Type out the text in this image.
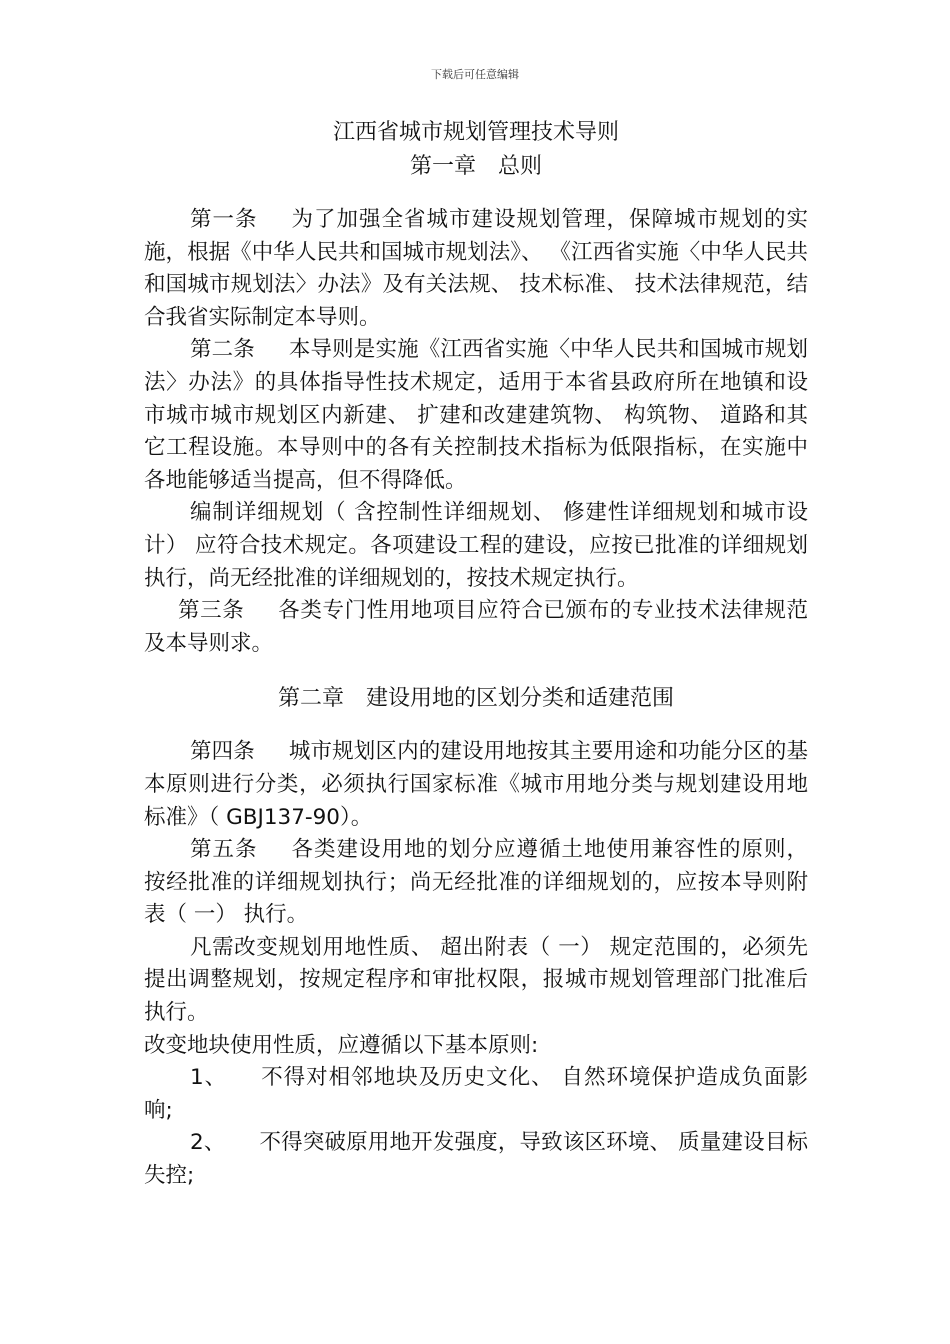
下载后可任意编辑
江西省城市规划管理技术导则
第一章　总则

第一条 为了加强全省城市建设规划管理，保障城市规划的实施，根据《中华人民共和国城市规划法》、 《江西省实施〈中华人民共和国城市规划法〉办法》及有关法规、 技术标准、 技术法律规范，结合我省实际制定本导则。

第二条 本导则是实施《江西省实施〈中华人民共和国城市规划法〉办法》的具体指导性技术规定，适用于本省县政府所在地镇和设市城市城市规划区内新建、 扩建和改建建筑物、 构筑物、 道路和其它工程设施。本导则中的各有关控制技术指标为低限指标，在实施中各地能够适当提高，但不得降低。

编制详细规划（ 含控制性详细规划、 修建性详细规划和城市设计） 应符合技术规定。各项建设工程的建设，应按已批准的详细规划执行，尚无经批准的详细规划的，按技术规定执行。

第三条 各类专门性用地项目应符合已颁布的专业技术法律规范及本导则求。

第二章　建设用地的区划分类和适建范围

第四条 城市规划区内的建设用地按其主要用途和功能分区的基本原则进行分类，必须执行国家标准《城市用地分类与规划建设用地标准》（ GBJ137-90）。

第五条 各类建设用地的划分应遵循土地使用兼容性的原则， 按经批准的详细规划执行；尚无经批准的详细规划的，应按本导则附表（ 一） 执行。

凡需改变规划用地性质、 超出附表（ 一） 规定范围的，必须先提出调整规划，按规定程序和审批权限，报城市规划管理部门批准后执行。

改变地块使用性质，应遵循以下基本原则:

1、 不得对相邻地块及历史文化、 自然环境保护造成负面影响;

2、 不得突破原用地开发强度，导致该区环境、 质量建设目标失控;
